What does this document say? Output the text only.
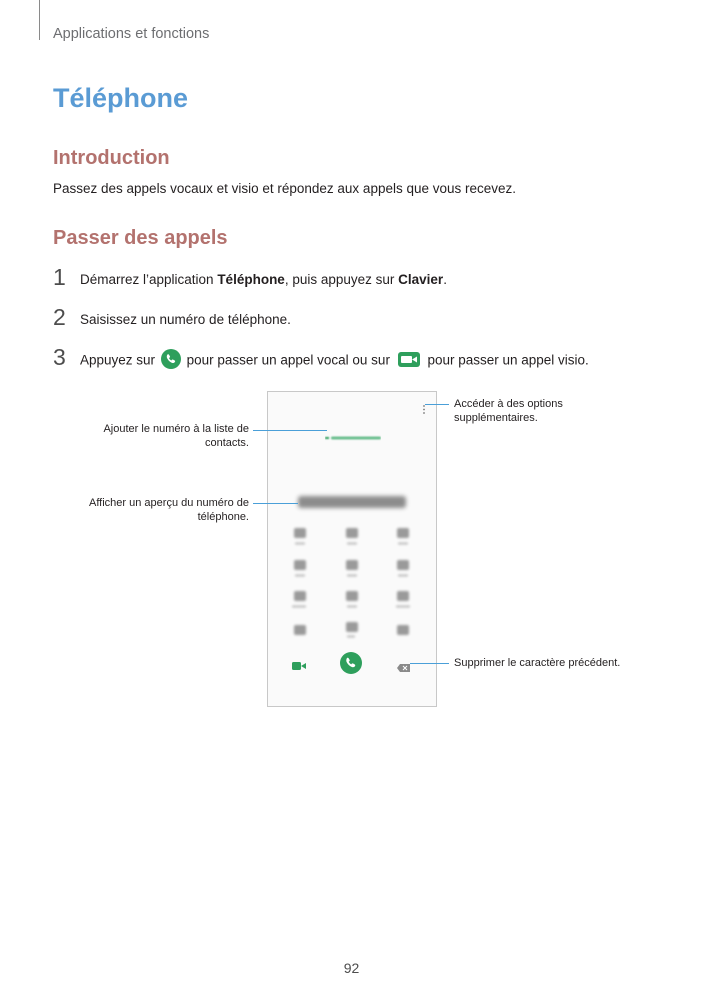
Applications et fonctions
Téléphone
Introduction
Passez des appels vocaux et visio et répondez aux appels que vous recevez.
Passer des appels
1 Démarrez l’application Téléphone, puis appuyez sur Clavier.
2 Saisissez un numéro de téléphone.
3 Appuyez sur  pour passer un appel vocal ou sur  pour passer un appel visio.
Ajouter le numéro à la liste de contacts.
Afficher un aperçu du numéro de téléphone.
Accéder à des options supplémentaires.
Supprimer le caractère précédent.
92
